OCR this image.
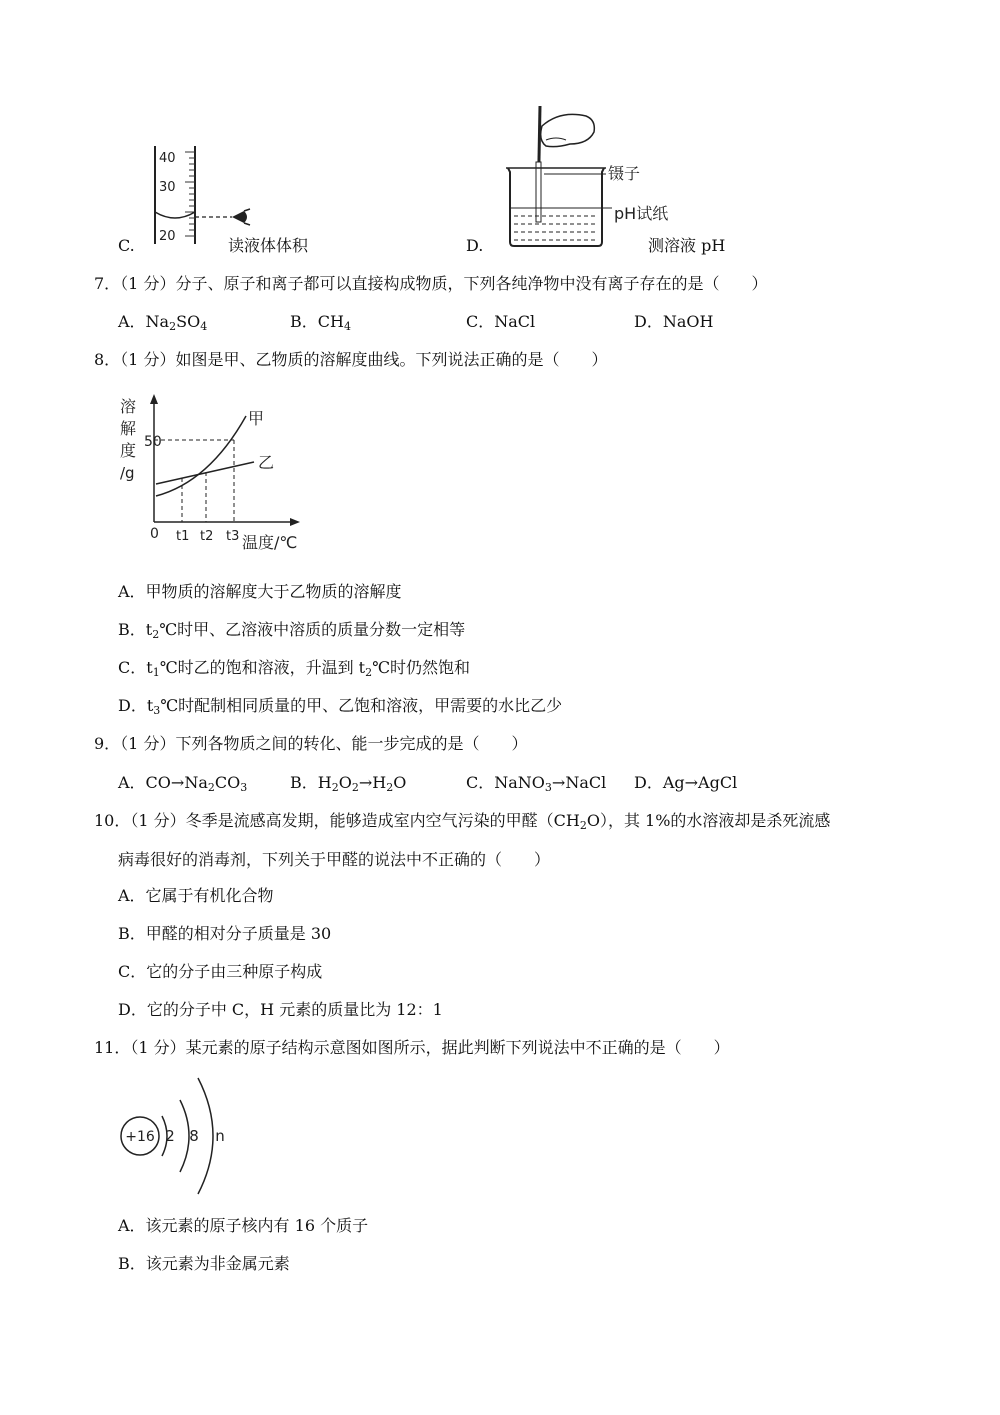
40
30
20
C.	读液体体积
镊子
pH试纸
D.	测溶液 pH
7．（1 分）分子、原子和离子都可以直接构成物质，下列各纯净物中没有离子存在的是（　　）
A．$Na_2SO_4$	B．$CH_4$	C．NaCl	D．NaOH
8．（1 分）如图是甲、乙物质的溶解度曲线。下列说法正确的是（　　）
溶
解
度
/g
50
甲
乙
0 t1 t2 t3 温度/℃
A．甲物质的溶解度大于乙物质的溶解度
B．$t_2℃$时甲、乙溶液中溶质的质量分数一定相等
C．$t_1℃$时乙的饱和溶液，升温到 $t_2℃$时仍然饱和
D．$t_3℃$时配制相同质量的甲、乙饱和溶液，甲需要的水比乙少
9．（1 分）下列各物质之间的转化、能一步完成的是（　　）
A．$CO\to Na_2CO_3$	B．$H_2O_2\to H_2O$	C．NaNO$_3$→NaCl D．Ag→AgCl
10．（1 分）冬季是流感高发期，能够造成室内空气污染的甲醛$(CH_2O)$，其 1%的水溶液却是杀死流感
病毒很好的消毒剂，下列关于甲醛的说法中不正确的（　　）
A．它属于有机化合物
B．甲醛的相对分子质量是 30
C．它的分子由三种原子构成
D．它的分子中 C，H 元素的质量比为 12：1
11．（1 分）某元素的原子结构示意图如图所示，据此判断下列说法中不正确的是（　　）
+16 2 8 n
A．该元素的原子核内有 16 个质子
B．该元素为非金属元素
